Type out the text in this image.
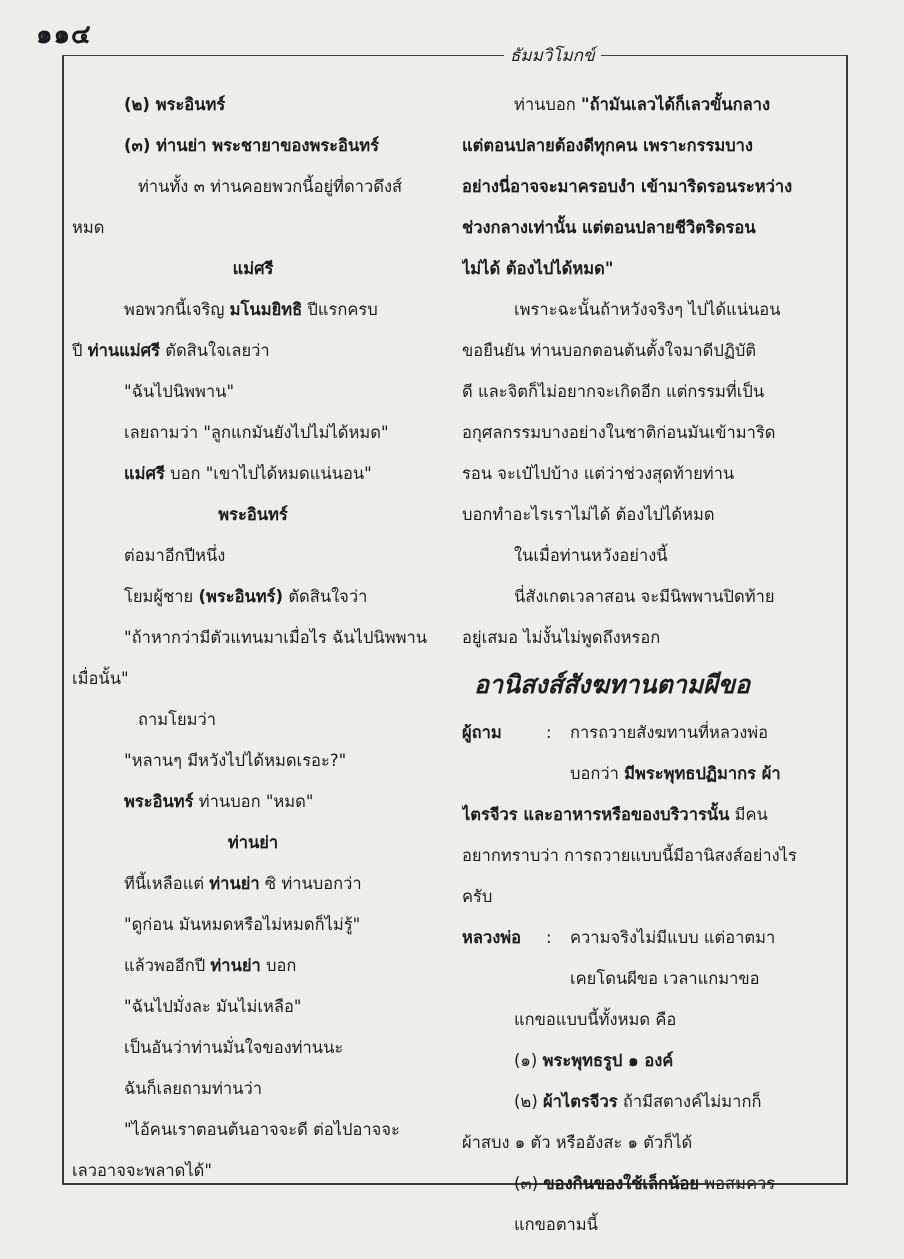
๑๑๔
ธัมมวิโมกข์
(๒) พระอินทร์
(๓) ท่านย่า พระชายาของพระอินทร์
ท่านทั้ง ๓ ท่านคอยพวกนี้อยู่ที่ดาวดึงส์
หมด
แม่ศรี
พอพวกนี้เจริญ มโนมยิทธิ ปีแรกครบ
ปี ท่านแม่ศรี ตัดสินใจเลยว่า
"ฉันไปนิพพาน"
เลยถามว่า "ลูกแกมันยังไปไม่ได้หมด"
แม่ศรี บอก "เขาไปได้หมดแน่นอน"
พระอินทร์
ต่อมาอีกปีหนึ่ง
โยมผู้ชาย (พระอินทร์) ตัดสินใจว่า
"ถ้าหากว่ามีตัวแทนมาเมื่อไร ฉันไปนิพพาน
เมื่อนั้น"
ถามโยมว่า
"หลานๆ มีหวังไปได้หมดเรอะ?"
พระอินทร์ ท่านบอก "หมด"
ท่านย่า
ทีนี้เหลือแต่ ท่านย่า ซิ ท่านบอกว่า
"ดูก่อน มันหมดหรือไม่หมดก็ไม่รู้"
แล้วพออีกปี ท่านย่า บอก
"ฉันไปมั่งละ มันไม่เหลือ"
เป็นอันว่าท่านมั่นใจของท่านนะ
ฉันก็เลยถามท่านว่า
"ไอ้คนเราตอนต้นอาจจะดี ต่อไปอาจจะ
เลวอาจจะพลาดได้"
ท่านบอก "ถ้ามันเลวได้ก็เลวขั้นกลาง
แต่ตอนปลายต้องดีทุกคน เพราะกรรมบาง
อย่างนี่อาจจะมาครอบงำ เข้ามาริดรอนระหว่าง
ช่วงกลางเท่านั้น แต่ตอนปลายชีวิตริดรอน
ไม่ได้ ต้องไปได้หมด"
เพราะฉะนั้นถ้าหวังจริงๆ ไปได้แน่นอน
ขอยืนยัน ท่านบอกตอนต้นตั้งใจมาดีปฏิบัติ
ดี และจิตก็ไม่อยากจะเกิดอีก แต่กรรมที่เป็น
อกุศลกรรมบางอย่างในชาติก่อนมันเข้ามาริด
รอน จะเป๋ไปบ้าง แต่ว่าช่วงสุดท้ายท่าน
บอกทำอะไรเราไม่ได้ ต้องไปได้หมด
ในเมื่อท่านหวังอย่างนี้
นี่สังเกตเวลาสอน จะมีนิพพานปิดท้าย
อยู่เสมอ ไม่งั้นไม่พูดถึงหรอก
อานิสงส์สังฆทานตามผีขอ
ผู้ถาม	:	การถวายสังฆทานที่หลวงพ่อ
บอกว่า มีพระพุทธปฏิมากร ผ้า
ไตรจีวร และอาหารหรือของบริวารนั้น มีคน
อยากทราบว่า การถวายแบบนี้มีอานิสงส์อย่างไร
ครับ
หลวงพ่อ	:	ความจริงไม่มีแบบ แต่อาตมา
เคยโดนผีขอ เวลาแกมาขอ
แกขอแบบนี้ทั้งหมด คือ
(๑) พระพุทธรูป ๑ องค์
(๒) ผ้าไตรจีวร ถ้ามีสตางค์ไม่มากก็
ผ้าสบง ๑ ตัว หรืออังสะ ๑ ตัวก็ได้
(๓) ของกินของใช้เล็กน้อย พอสมควร
แกขอตามนี้
